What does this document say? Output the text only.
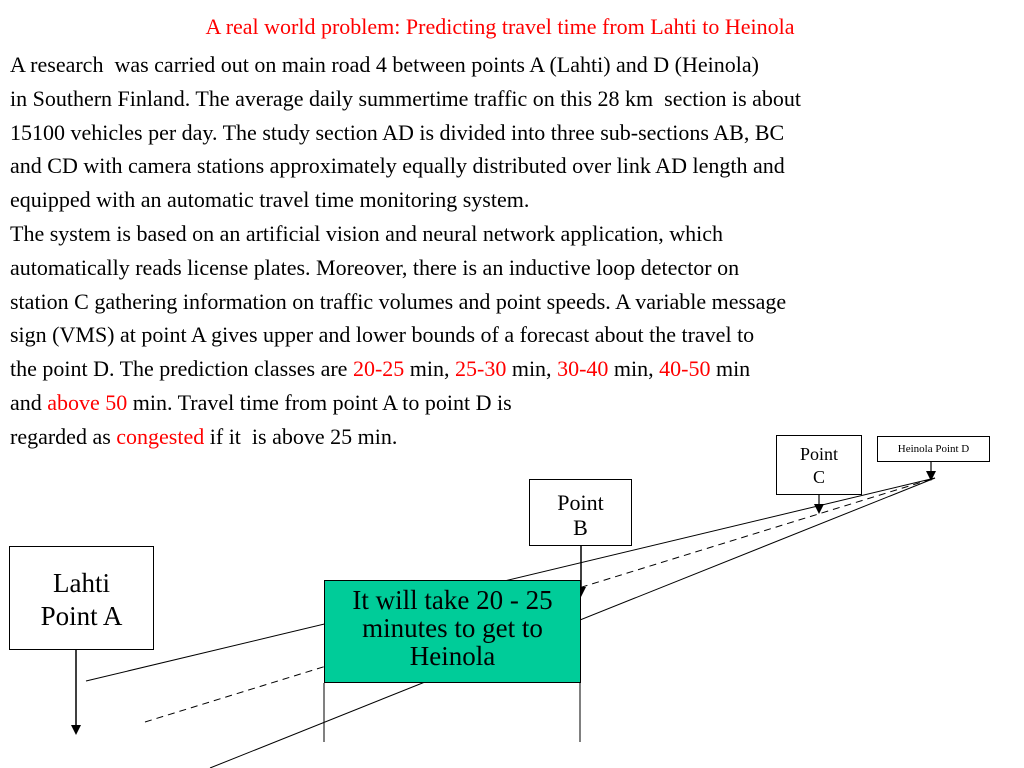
A real world problem: Predicting travel time from Lahti to Heinola
A research  was carried out on main road 4 between points A (Lahti) and D (Heinola)
in Southern Finland. The average daily summertime traffic on this 28 km  section is about
15100 vehicles per day. The study section AD is divided into three sub-sections AB, BC
and CD with camera stations approximately equally distributed over link AD length and
equipped with an automatic travel time monitoring system.
The system is based on an artificial vision and neural network application, which
automatically reads license plates. Moreover, there is an inductive loop detector on
station C gathering information on traffic volumes and point speeds. A variable message
sign (VMS) at point A gives upper and lower bounds of a forecast about the travel to
the point D. The prediction classes are 20-25 min, 25-30 min, 30-40 min, 40-50 min
and above 50 min. Travel time from point A to point D is
regarded as congested if it  is above 25 min.
Lahti
Point A
Point
B
Point
C
Heinola Point D
It will take 20 - 25
minutes to get to
Heinola
